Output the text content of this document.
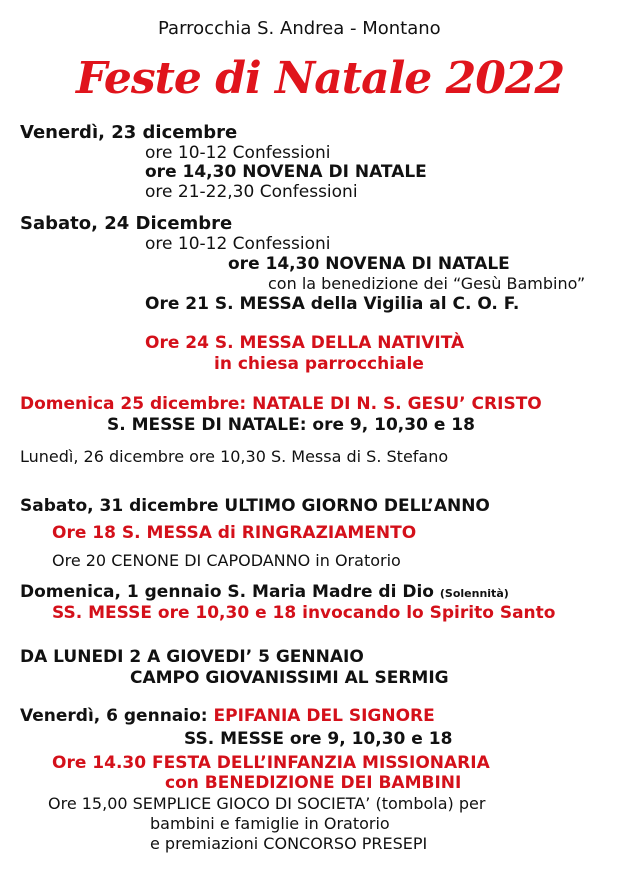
Parrocchia S. Andrea - Montano
Feste di Natale 2022
Venerdì, 23 dicembre
ore 10-12 Confessioni
ore 14,30 NOVENA DI NATALE
ore 21-22,30 Confessioni
Sabato, 24 Dicembre
ore 10-12 Confessioni
ore 14,30 NOVENA DI NATALE
con la benedizione dei “Gesù Bambino”
Ore 21 S. MESSA della Vigilia al C. O. F.
Ore 24 S. MESSA DELLA NATIVITÀ
in chiesa parrocchiale
Domenica 25 dicembre: NATALE DI N. S. GESU’ CRISTO
S. MESSE DI NATALE: ore 9, 10,30 e 18
Lunedì, 26 dicembre ore 10,30 S. Messa di S. Stefano
Sabato, 31 dicembre ULTIMO GIORNO DELL’ANNO
Ore 18 S. MESSA di RINGRAZIAMENTO
Ore 20 CENONE DI CAPODANNO in Oratorio
Domenica, 1 gennaio S. Maria Madre di Dio (Solennità)
SS. MESSE ore 10,30 e 18 invocando lo Spirito Santo
DA LUNEDI 2 A GIOVEDI’ 5 GENNAIO
CAMPO GIOVANISSIMI AL SERMIG
Venerdì, 6 gennaio: EPIFANIA DEL SIGNORE
SS. MESSE ore 9, 10,30 e 18
Ore 14.30 FESTA DELL’INFANZIA MISSIONARIA
con BENEDIZIONE DEI BAMBINI
Ore 15,00 SEMPLICE GIOCO DI SOCIETA’ (tombola) per
bambini e famiglie in Oratorio
e premiazioni CONCORSO PRESEPI
